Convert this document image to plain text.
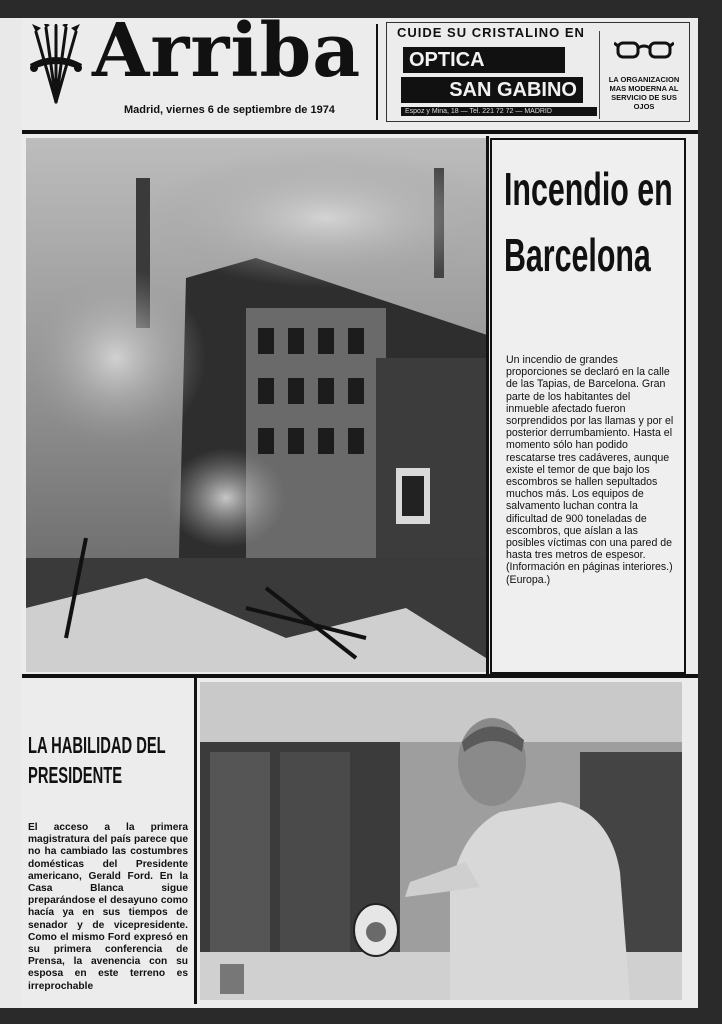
Arriba
Madrid, viernes 6 de septiembre de 1974
CUIDE SU CRISTALINO EN
OPTICA
SAN GABINO
Espoz y Mina, 18 — Tel. 221 72 72 — MADRID
LA ORGANIZACION MAS MODERNA AL SERVICIO DE SUS OJOS
Incendio en Barcelona
Un incendio de grandes proporciones se declaró en la calle de las Tapias, de Barcelona. Gran parte de los habitantes del inmueble afectado fueron sorprendidos por las llamas y por el posterior derrumbamiento. Hasta el momento sólo han podido rescatarse tres cadáveres, aunque existe el temor de que bajo los escombros se hallen sepultados muchos más. Los equipos de salvamento luchan contra la dificultad de 900 toneladas de escombros, que aíslan a las posibles víctimas con una pared de hasta tres metros de espesor. (Información en páginas interiores.) (Europa.)
LA HABILIDAD DEL PRESIDENTE
El acceso a la primera magistratura del país parece que no ha cambiado las costumbres domésticas del Presidente americano, Gerald Ford. En la Casa Blanca sigue preparándose el desayuno como hacía ya en sus tiempos de senador y de vicepresidente. Como el mismo Ford expresó en su primera conferencia de Prensa, la avenencia con su esposa en este terreno es irreprochable
